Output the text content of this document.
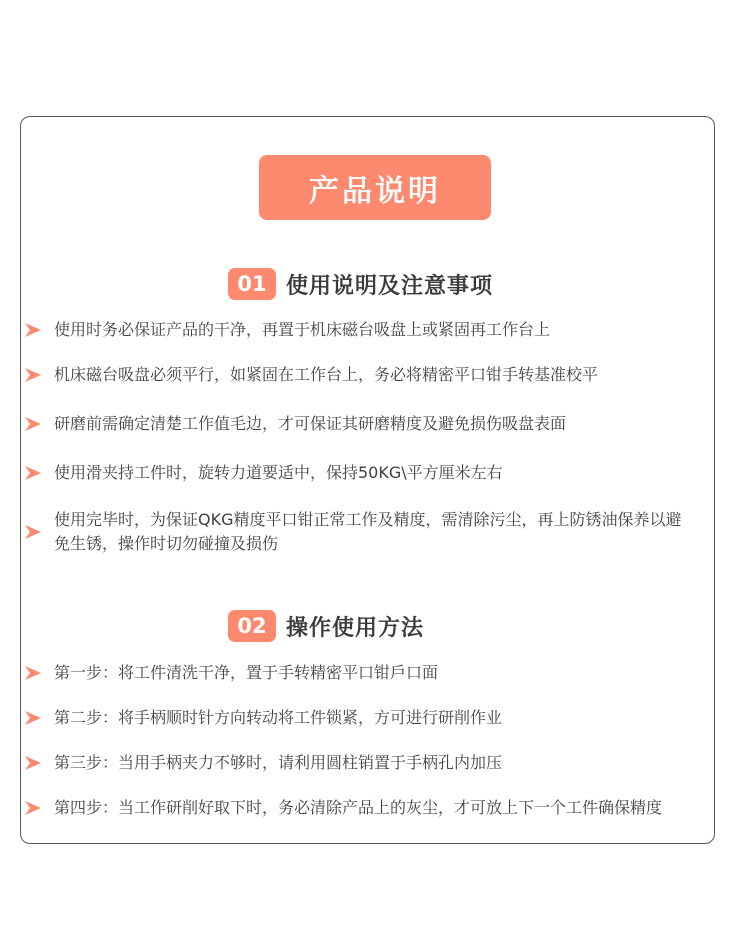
产品说明
01 使用说明及注意事项
使用时务必保证产品的干净，再置于机床磁台吸盘上或紧固再工作台上
机床磁台吸盘必须平行，如紧固在工作台上，务必将精密平口钳手转基准校平
研磨前需确定清楚工作值毛边，才可保证其研磨精度及避免损伤吸盘表面
使用滑夹持工件时，旋转力道要适中，保持50KG\平方厘米左右
使用完毕时，为保证QKG精度平口钳正常工作及精度，需清除污尘，再上防锈油保养以避免生锈，操作时切勿碰撞及损伤
02 操作使用方法
第一步：将工件清洗干净，置于手转精密平口钳戶口面
第二步：将手柄顺时针方向转动将工件锁紧，方可进行研削作业
第三步：当用手柄夹力不够时，请利用圆柱销置于手柄孔内加压
第四步：当工作研削好取下时，务必清除产品上的灰尘，才可放上下一个工件确保精度
